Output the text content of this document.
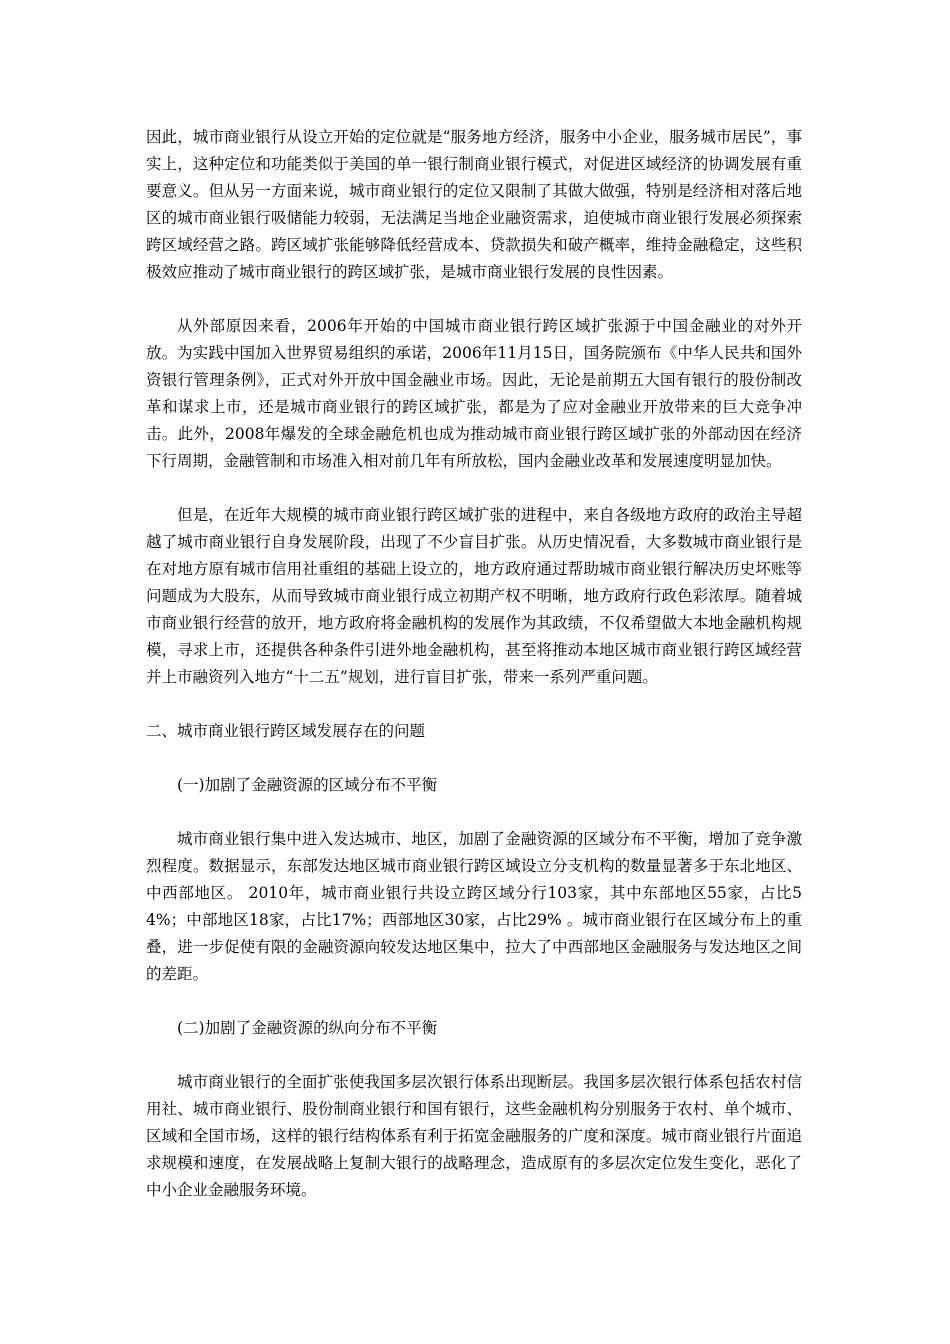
因此，城市商业银行从设立开始的定位就是“服务地方经济，服务中小企业，服务城市居民”，事实上，这种定位和功能类似于美国的单一银行制商业银行模式，对促进区域经济的协调发展有重要意义。但从另一方面来说，城市商业银行的定位又限制了其做大做强，特别是经济相对落后地区的城市商业银行吸储能力较弱，无法满足当地企业融资需求，迫使城市商业银行发展必须探索跨区域经营之路。跨区域扩张能够降低经营成本、贷款损失和破产概率，维持金融稳定，这些积极效应推动了城市商业银行的跨区域扩张，是城市商业银行发展的良性因素。

从外部原因来看，2006年开始的中国城市商业银行跨区域扩张源于中国金融业的对外开放。为实践中国加入世界贸易组织的承诺，2006年11月15日，国务院颁布《中华人民共和国外资银行管理条例》，正式对外开放中国金融业市场。因此，无论是前期五大国有银行的股份制改革和谋求上市，还是城市商业银行的跨区域扩张，都是为了应对金融业开放带来的巨大竞争冲击。此外，2008年爆发的全球金融危机也成为推动城市商业银行跨区域扩张的外部动因在经济下行周期，金融管制和市场准入相对前几年有所放松，国内金融业改革和发展速度明显加快。

但是，在近年大规模的城市商业银行跨区域扩张的进程中，来自各级地方政府的政治主导超越了城市商业银行自身发展阶段，出现了不少盲目扩张。从历史情况看，大多数城市商业银行是在对地方原有城市信用社重组的基础上设立的，地方政府通过帮助城市商业银行解决历史坏账等问题成为大股东，从而导致城市商业银行成立初期产权不明晰，地方政府行政色彩浓厚。随着城市商业银行经营的放开，地方政府将金融机构的发展作为其政绩，不仅希望做大本地金融机构规模，寻求上市，还提供各种条件引进外地金融机构，甚至将推动本地区城市商业银行跨区域经营并上市融资列入地方“十二五”规划，进行盲目扩张，带来一系列严重问题。

二、城市商业银行跨区域发展存在的问题

(一)加剧了金融资源的区域分布不平衡

城市商业银行集中进入发达城市、地区，加剧了金融资源的区域分布不平衡，增加了竞争激烈程度。数据显示，东部发达地区城市商业银行跨区域设立分支机构的数量显著多于东北地区、中西部地区。 2010年，城市商业银行共设立跨区域分行103家，其中东部地区55家，占比54%；中部地区18家，占比17%；西部地区30家，占比29% 。城市商业银行在区域分布上的重叠，进一步促使有限的金融资源向较发达地区集中，拉大了中西部地区金融服务与发达地区之间的差距。

(二)加剧了金融资源的纵向分布不平衡

城市商业银行的全面扩张使我国多层次银行体系出现断层。我国多层次银行体系包括农村信用社、城市商业银行、股份制商业银行和国有银行，这些金融机构分别服务于农村、单个城市、区域和全国市场，这样的银行结构体系有利于拓宽金融服务的广度和深度。城市商业银行片面追求规模和速度，在发展战略上复制大银行的战略理念，造成原有的多层次定位发生变化，恶化了中小企业金融服务环境。
